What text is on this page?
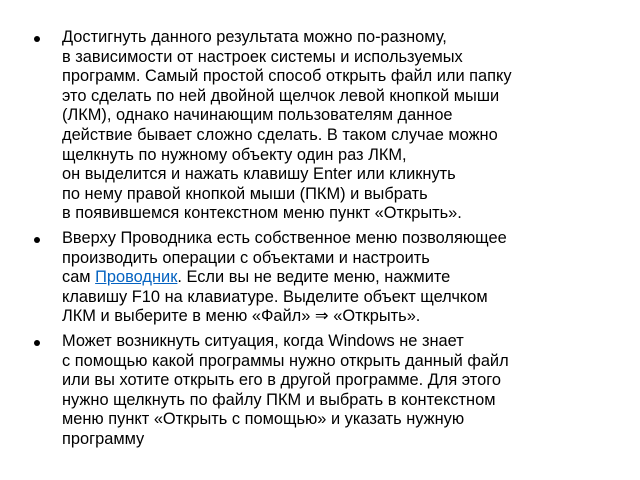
Достигнуть данного результата можно по-разному,
в зависимости от настроек системы и используемых
программ. Самый простой способ открыть файл или папку
это сделать по ней двойной щелчок левой кнопкой мыши
(ЛКМ), однако начинающим пользователям данное
действие бывает сложно сделать. В таком случае можно
щелкнуть по нужному объекту один раз ЛКМ,
он выделится и нажать клавишу Enter или кликнуть
по нему правой кнопкой мыши (ПКМ) и выбрать
в появившемся контекстном меню пункт «Открыть».
Вверху Проводника есть собственное меню позволяющее
производить операции с объектами и настроить
сам Проводник. Если вы не ведите меню, нажмите
клавишу F10 на клавиатуре. Выделите объект щелчком
ЛКМ и выберите в меню «Файл» ⇒ «Открыть».
Может возникнуть ситуация, когда Windows не знает
с помощью какой программы нужно открыть данный файл
или вы хотите открыть его в другой программе. Для этого
нужно щелкнуть по файлу ПКМ и выбрать в контекстном
меню пункт «Открыть с помощью» и указать нужную
программу
